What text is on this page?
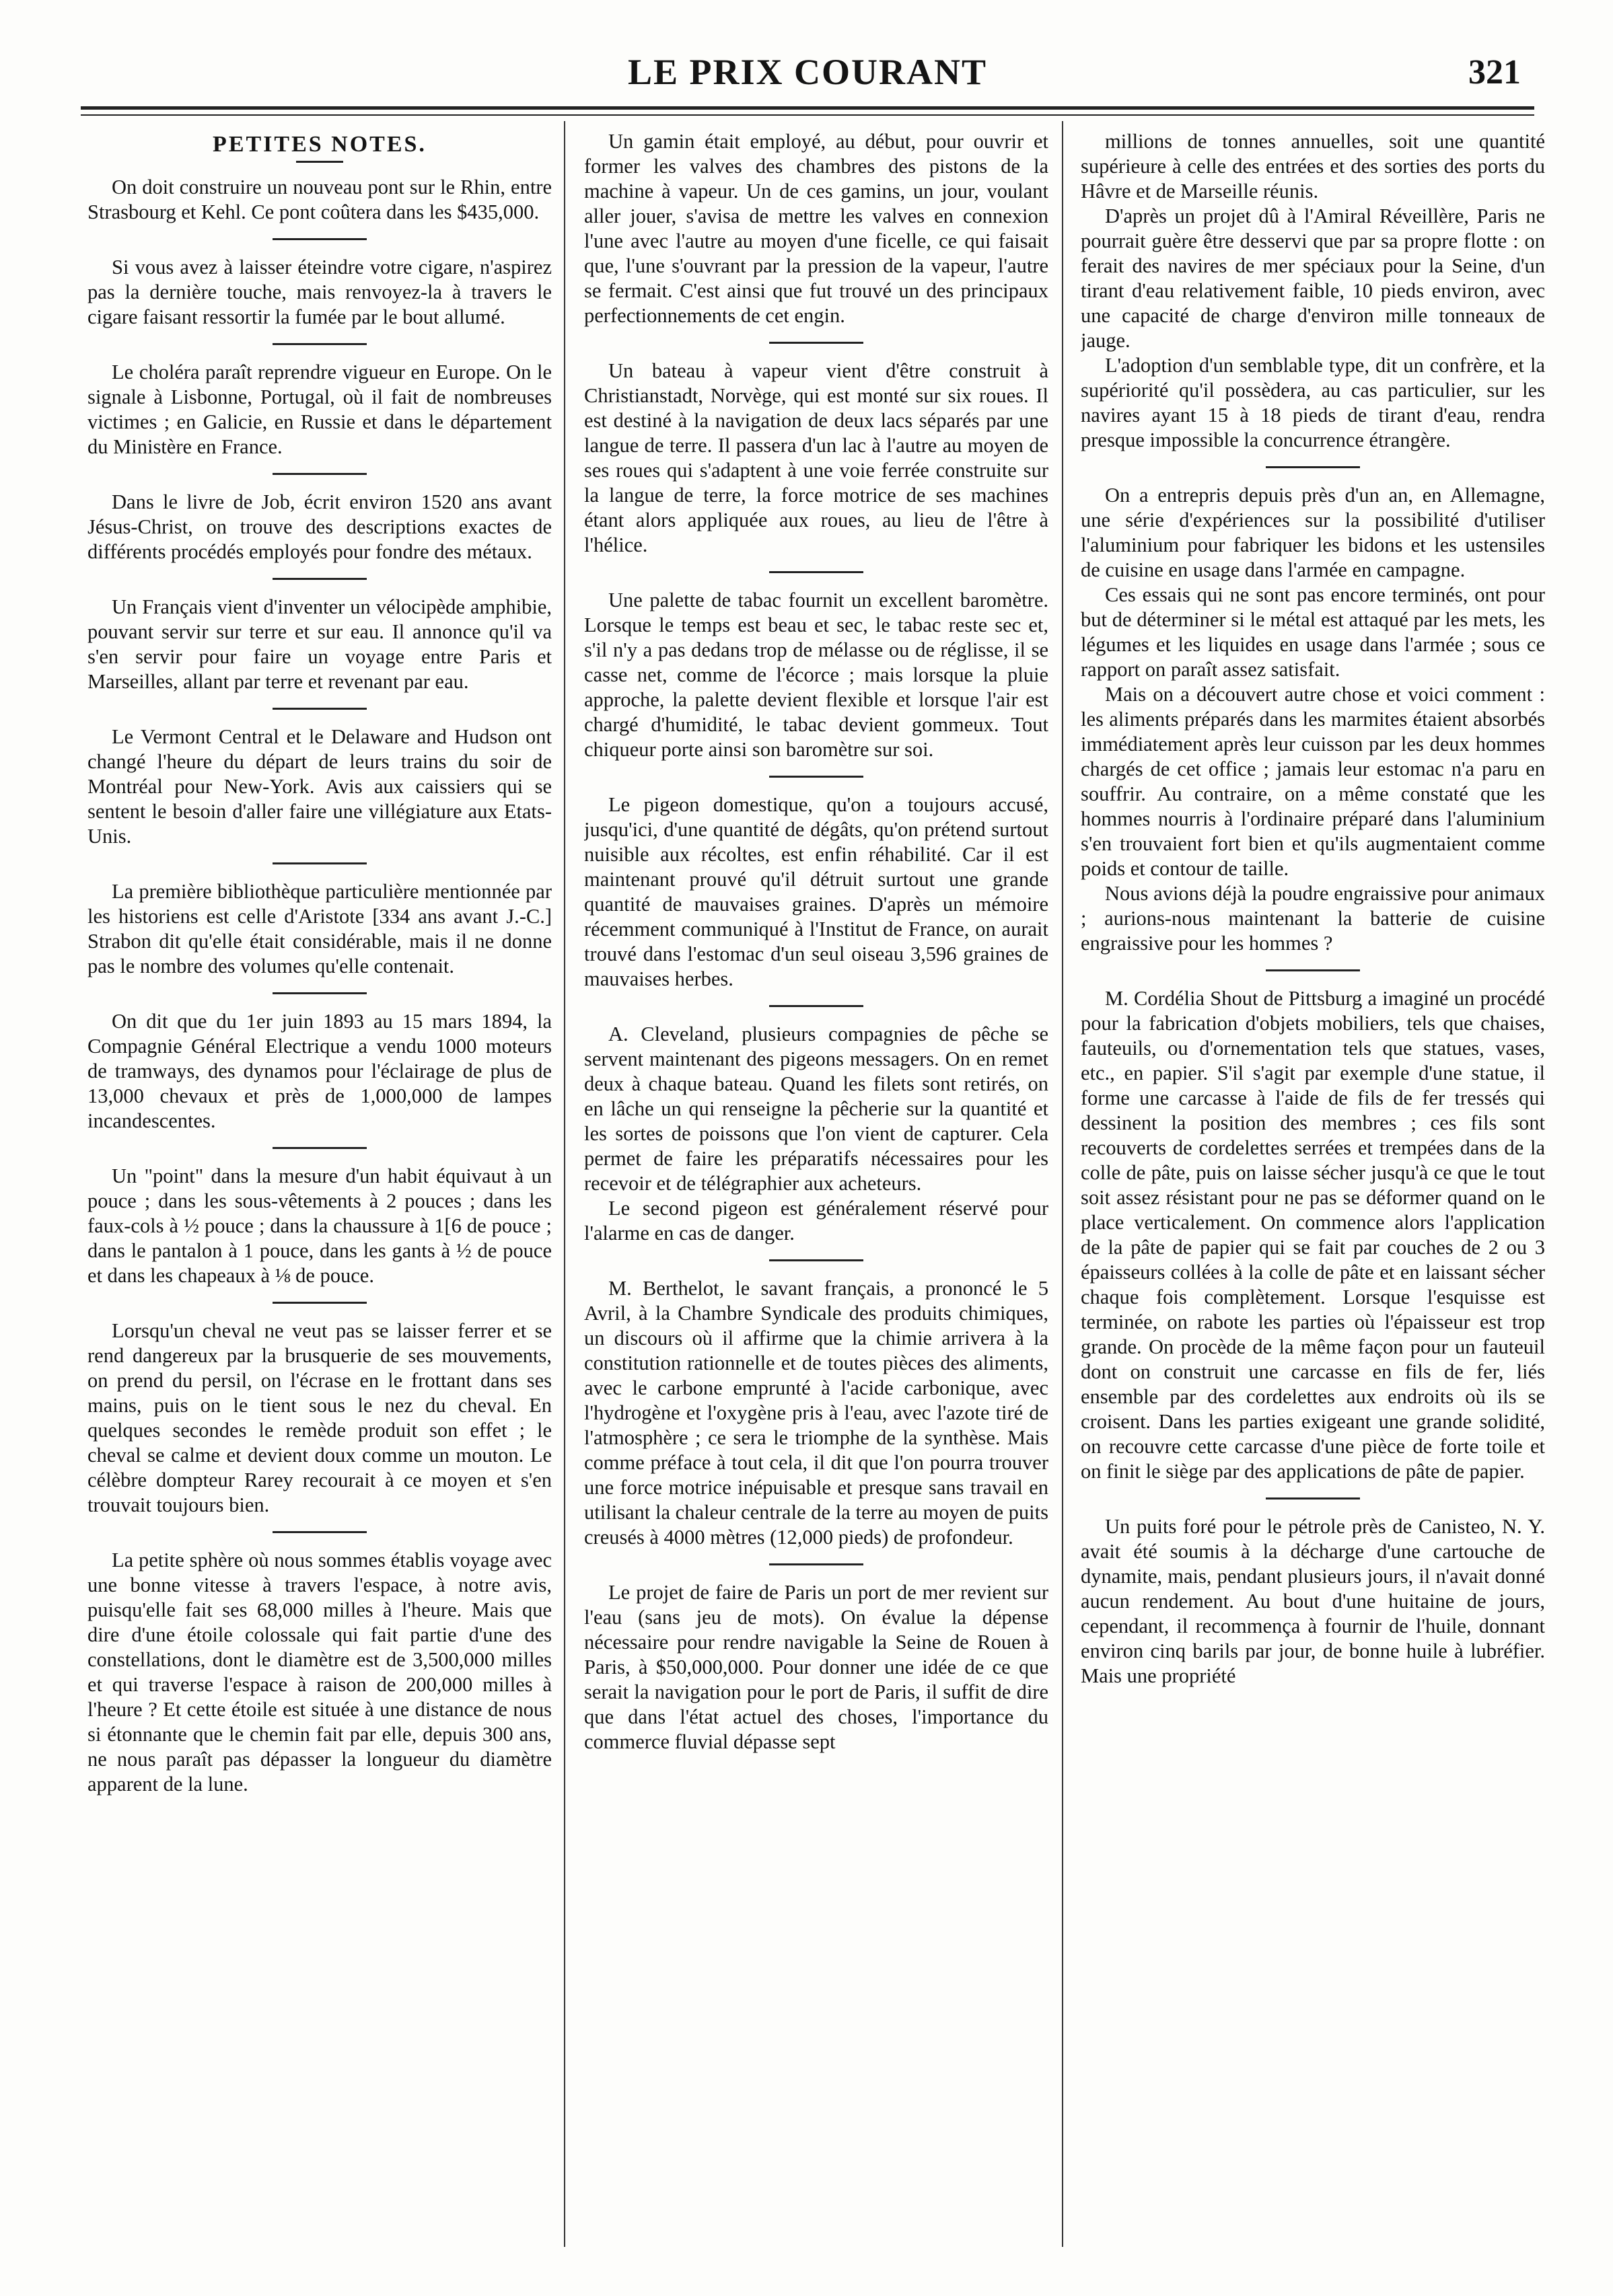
LE PRIX COURANT	321
PETITES NOTES.

On doit construire un nouveau pont sur le Rhin, entre Strasbourg et Kehl. Ce pont coûtera dans les $435,000.

Si vous avez à laisser éteindre votre cigare, n'aspirez pas la dernière touche, mais renvoyez-la à travers le cigare faisant ressortir la fumée par le bout allumé.

Le choléra paraît reprendre vigueur en Europe. On le signale à Lisbonne, Portugal, où il fait de nombreuses victimes ; en Galicie, en Russie et dans le département du Ministère en France.

Dans le livre de Job, écrit environ 1520 ans avant Jésus-Christ, on trouve des descriptions exactes de différents procédés employés pour fondre des métaux.

Un Français vient d'inventer un vélocipède amphibie, pouvant servir sur terre et sur eau. Il annonce qu'il va s'en servir pour faire un voyage entre Paris et Marseilles, allant par terre et revenant par eau.

Le Vermont Central et le Delaware and Hudson ont changé l'heure du départ de leurs trains du soir de Montréal pour New-York. Avis aux caissiers qui se sentent le besoin d'aller faire une villégiature aux Etats-Unis.

La première bibliothèque particulière mentionnée par les historiens est celle d'Aristote [334 ans avant J.-C.] Strabon dit qu'elle était considérable, mais il ne donne pas le nombre des volumes qu'elle contenait.

On dit que du 1er juin 1893 au 15 mars 1894, la Compagnie Général Electrique a vendu 1000 moteurs de tramways, des dynamos pour l'éclairage de plus de 13,000 chevaux et près de 1,000,000 de lampes incandescentes.

Un "point" dans la mesure d'un habit équivaut à un pouce ; dans les sous-vêtements à 2 pouces ; dans les faux-cols à ½ pouce ; dans la chaussure à 1[6 de pouce ; dans le pantalon à 1 pouce, dans les gants à ½ de pouce et dans les chapeaux à ⅛ de pouce.

Lorsqu'un cheval ne veut pas se laisser ferrer et se rend dangereux par la brusquerie de ses mouvements, on prend du persil, on l'écrase en le frottant dans ses mains, puis on le tient sous le nez du cheval. En quelques secondes le remède produit son effet ; le cheval se calme et devient doux comme un mouton. Le célèbre dompteur Rarey recourait à ce moyen et s'en trouvait toujours bien.

La petite sphère où nous sommes établis voyage avec une bonne vitesse à travers l'espace, à notre avis, puisqu'elle fait ses 68,000 milles à l'heure. Mais que dire d'une étoile colossale qui fait partie d'une des constellations, dont le diamètre est de 3,500,000 milles et qui traverse l'espace à raison de 200,000 milles à l'heure ? Et cette étoile est située à une distance de nous si étonnante que le chemin fait par elle, depuis 300 ans, ne nous paraît pas dépasser la longueur du diamètre apparent de la lune.

Un gamin était employé, au début, pour ouvrir et former les valves des chambres des pistons de la machine à vapeur. Un de ces gamins, un jour, voulant aller jouer, s'avisa de mettre les valves en connexion l'une avec l'autre au moyen d'une ficelle, ce qui faisait que, l'une s'ouvrant par la pression de la vapeur, l'autre se fermait. C'est ainsi que fut trouvé un des principaux perfectionnements de cet engin.

Un bateau à vapeur vient d'être construit à Christianstadt, Norvège, qui est monté sur six roues. Il est destiné à la navigation de deux lacs séparés par une langue de terre. Il passera d'un lac à l'autre au moyen de ses roues qui s'adaptent à une voie ferrée construite sur la langue de terre, la force motrice de ses machines étant alors appliquée aux roues, au lieu de l'être à l'hélice.

Une palette de tabac fournit un excellent baromètre. Lorsque le temps est beau et sec, le tabac reste sec et, s'il n'y a pas dedans trop de mélasse ou de réglisse, il se casse net, comme de l'écorce ; mais lorsque la pluie approche, la palette devient flexible et lorsque l'air est chargé d'humidité, le tabac devient gommeux. Tout chiqueur porte ainsi son baromètre sur soi.

Le pigeon domestique, qu'on a toujours accusé, jusqu'ici, d'une quantité de dégâts, qu'on prétend surtout nuisible aux récoltes, est enfin réhabilité. Car il est maintenant prouvé qu'il détruit surtout une grande quantité de mauvaises graines. D'après un mémoire récemment communiqué à l'Institut de France, on aurait trouvé dans l'estomac d'un seul oiseau 3,596 graines de mauvaises herbes.

A. Cleveland, plusieurs compagnies de pêche se servent maintenant des pigeons messagers. On en remet deux à chaque bateau. Quand les filets sont retirés, on en lâche un qui renseigne la pêcherie sur la quantité et les sortes de poissons que l'on vient de capturer. Cela permet de faire les préparatifs nécessaires pour les recevoir et de télégraphier aux acheteurs.

Le second pigeon est généralement réservé pour l'alarme en cas de danger.

M. Berthelot, le savant français, a prononcé le 5 Avril, à la Chambre Syndicale des produits chimiques, un discours où il affirme que la chimie arrivera à la constitution rationnelle et de toutes pièces des aliments, avec le carbone emprunté à l'acide carbonique, avec l'hydrogène et l'oxygène pris à l'eau, avec l'azote tiré de l'atmosphère ; ce sera le triomphe de la synthèse. Mais comme préface à tout cela, il dit que l'on pourra trouver une force motrice inépuisable et presque sans travail en utilisant la chaleur centrale de la terre au moyen de puits creusés à 4000 mètres (12,000 pieds) de profondeur.

Le projet de faire de Paris un port de mer revient sur l'eau (sans jeu de mots). On évalue la dépense nécessaire pour rendre navigable la Seine de Rouen à Paris, à $50,000,000. Pour donner une idée de ce que serait la navigation pour le port de Paris, il suffit de dire que dans l'état actuel des choses, l'importance du commerce fluvial dépasse sept

millions de tonnes annuelles, soit une quantité supérieure à celle des entrées et des sorties des ports du Hâvre et de Marseille réunis.

D'après un projet dû à l'Amiral Réveillère, Paris ne pourrait guère être desservi que par sa propre flotte : on ferait des navires de mer spéciaux pour la Seine, d'un tirant d'eau relativement faible, 10 pieds environ, avec une capacité de charge d'environ mille tonneaux de jauge.

L'adoption d'un semblable type, dit un confrère, et la supériorité qu'il possèdera, au cas particulier, sur les navires ayant 15 à 18 pieds de tirant d'eau, rendra presque impossible la concurrence étrangère.

On a entrepris depuis près d'un an, en Allemagne, une série d'expériences sur la possibilité d'utiliser l'aluminium pour fabriquer les bidons et les ustensiles de cuisine en usage dans l'armée en campagne.

Ces essais qui ne sont pas encore terminés, ont pour but de déterminer si le métal est attaqué par les mets, les légumes et les liquides en usage dans l'armée ; sous ce rapport on paraît assez satisfait.

Mais on a découvert autre chose et voici comment : les aliments préparés dans les marmites étaient absorbés immédiatement après leur cuisson par les deux hommes chargés de cet office ; jamais leur estomac n'a paru en souffrir. Au contraire, on a même constaté que les hommes nourris à l'ordinaire préparé dans l'aluminium s'en trouvaient fort bien et qu'ils augmentaient comme poids et contour de taille.

Nous avions déjà la poudre engraissive pour animaux ; aurions-nous maintenant la batterie de cuisine engraissive pour les hommes ?

M. Cordélia Shout de Pittsburg a imaginé un procédé pour la fabrication d'objets mobiliers, tels que chaises, fauteuils, ou d'ornementation tels que statues, vases, etc., en papier. S'il s'agit par exemple d'une statue, il forme une carcasse à l'aide de fils de fer tressés qui dessinent la position des membres ; ces fils sont recouverts de cordelettes serrées et trempées dans de la colle de pâte, puis on laisse sécher jusqu'à ce que le tout soit assez résistant pour ne pas se déformer quand on le place verticalement. On commence alors l'application de la pâte de papier qui se fait par couches de 2 ou 3 épaisseurs collées à la colle de pâte et en laissant sécher chaque fois complètement. Lorsque l'esquisse est terminée, on rabote les parties où l'épaisseur est trop grande. On procède de la même façon pour un fauteuil dont on construit une carcasse en fils de fer, liés ensemble par des cordelettes aux endroits où ils se croisent. Dans les parties exigeant une grande solidité, on recouvre cette carcasse d'une pièce de forte toile et on finit le siège par des applications de pâte de papier.

Un puits foré pour le pétrole près de Canisteo, N. Y. avait été soumis à la décharge d'une cartouche de dynamite, mais, pendant plusieurs jours, il n'avait donné aucun rendement. Au bout d'une huitaine de jours, cependant, il recommença à fournir de l'huile, donnant environ cinq barils par jour, de bonne huile à lubréfier. Mais une propriété
